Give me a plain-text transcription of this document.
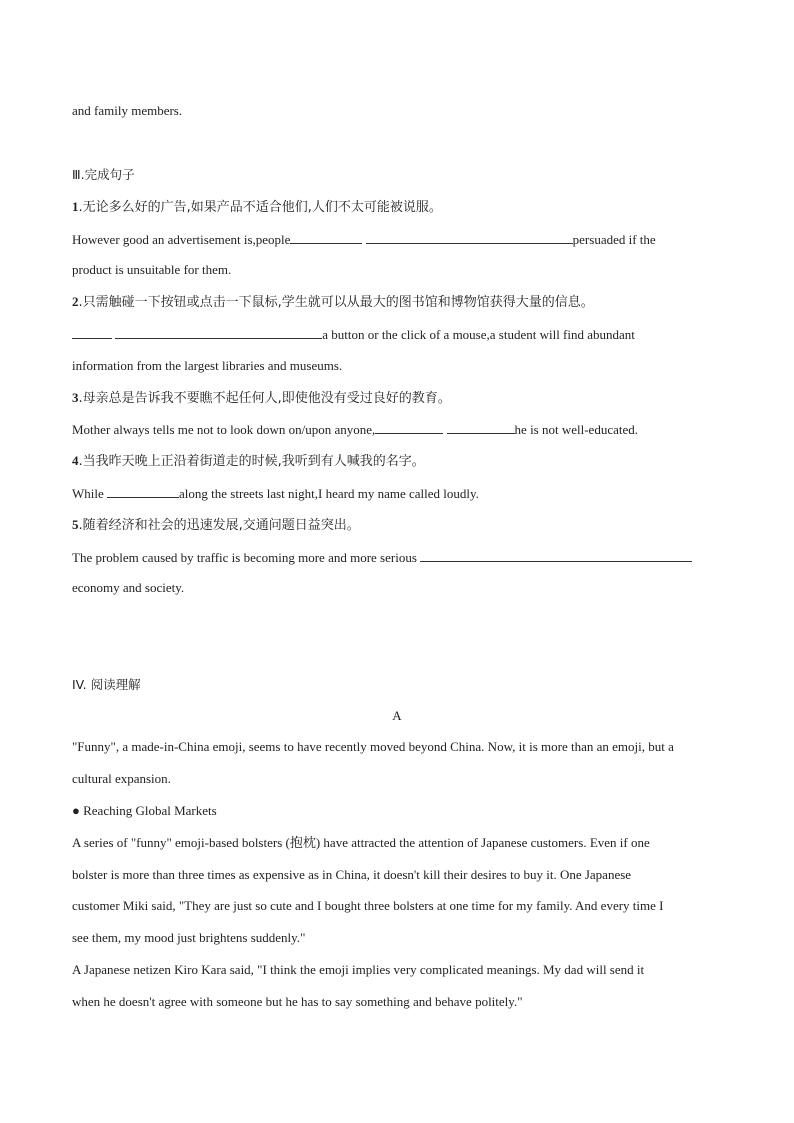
and family members.
Ⅲ.完成句子
1.无论多么好的广告,如果产品不适合他们,人们不太可能被说服。
However good an advertisement is,people	persuaded if the
product is unsuitable for them.
2.只需触碰一下按钮或点击一下鼠标,学生就可以从最大的图书馆和博物馆获得大量的信息。
a button or the click of a mouse,a student will find abundant
information from the largest libraries and museums.
3.母亲总是告诉我不要瞧不起任何人,即使他没有受过良好的教育。
Mother always tells me not to look down on/upon anyone,	he is not well-educated.
4.当我昨天晚上正沿着街道走的时候,我听到有人喊我的名字。
While	along the streets last night,I heard my name called loudly.
5.随着经济和社会的迅速发展,交通问题日益突出。
The problem caused by traffic is becoming more and more serious
economy and society.
IV. 阅读理解
A
"Funny", a made-in-China emoji, seems to have recently moved beyond China. Now, it is more than an emoji, but a
cultural expansion.
● Reaching Global Markets
A series of "funny" emoji-based bolsters (抱枕) have attracted the attention of Japanese customers. Even if one
bolster is more than three times as expensive as in China, it doesn't kill their desires to buy it. One Japanese
customer Miki said, "They are just so cute and I bought three bolsters at one time for my family. And every time I
see them, my mood just brightens suddenly."
A Japanese netizen Kiro Kara said, "I think the emoji implies very complicated meanings. My dad will send it
when he doesn't agree with someone but he has to say something and behave politely."
